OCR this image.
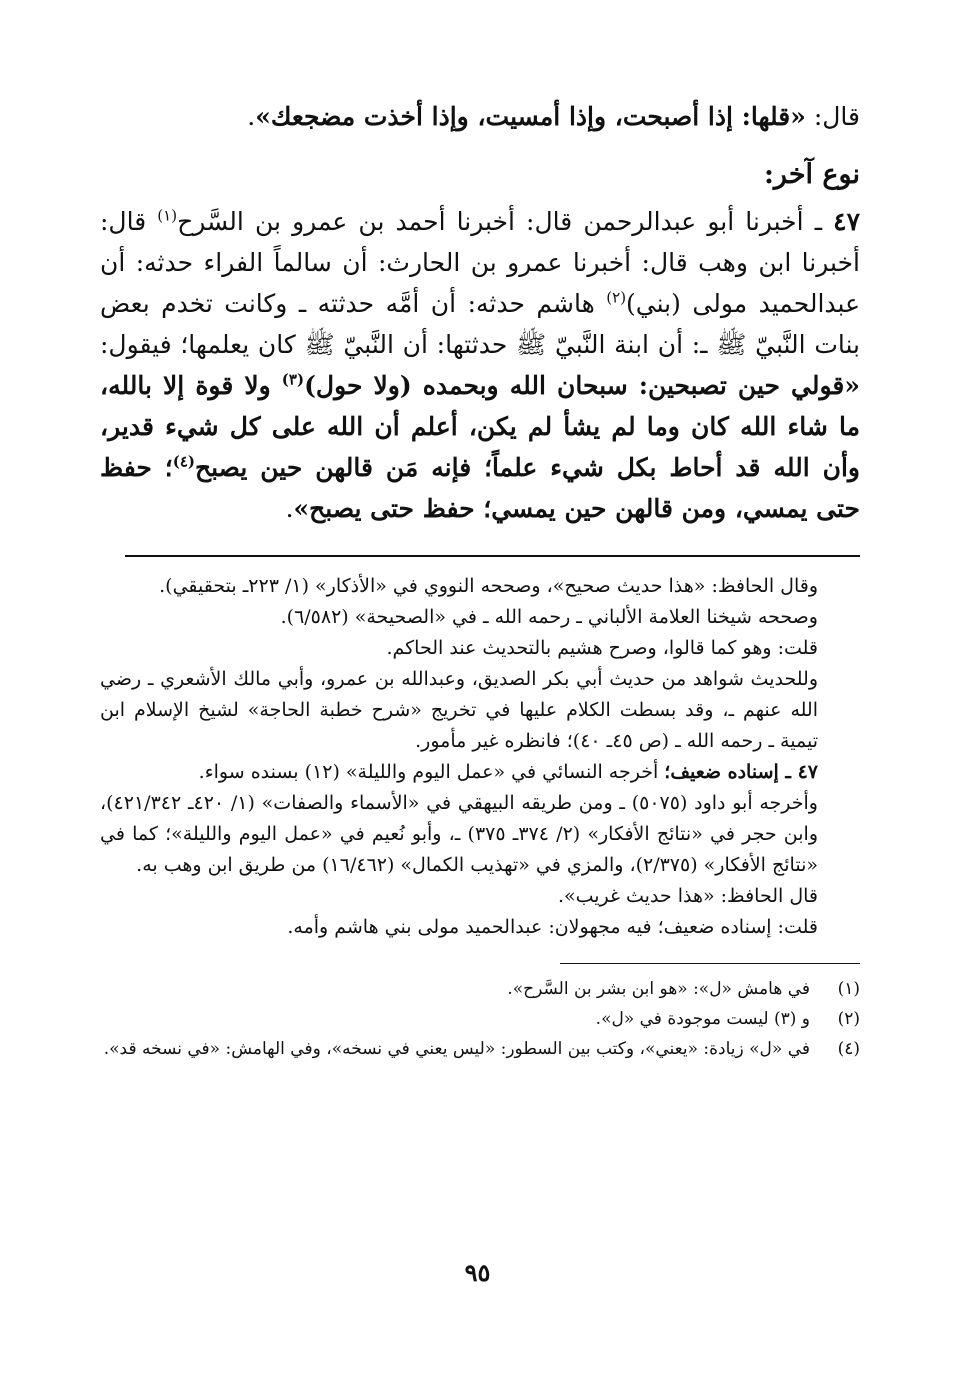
قال: «قلها: إذا أصبحت، وإذا أمسيت، وإذا أخذت مضجعك».

نوع آخر:

٤٧ ـ أخبرنا أبو عبدالرحمن قال: أخبرنا أحمد بن عمرو بن السَّرح$^{(١)}$ قال: أخبرنا ابن وهب قال: أخبرنا عمرو بن الحارث: أن سالماً الفراء حدثه: أن عبدالحميد مولى (بني)$^{(٢)}$ هاشم حدثه: أن أمَّه حدثته ـ وكانت تخدم بعض بنات النَّبيّ ﷺ ـ: أن ابنة النَّبيّ ﷺ حدثتها: أن النَّبيّ ﷺ كان يعلمها؛ فيقول: «قولي حين تصبحين: سبحان الله وبحمده (ولا حول)$^{(٣)}$ ولا قوة إلا بالله، ما شاء الله كان وما لم يشأ لم يكن، أعلم أن الله على كل شيء قدير، وأن الله قد أحاط بكل شيء علماً؛ فإنه مَن قالهن حين يصبح$^{(٤)}$؛ حفظ حتى يمسي، ومن قالهن حين يمسي؛ حفظ حتى يصبح».

وقال الحافظ: «هذا حديث صحيح»، وصححه النووي في «الأذكار» (١/ ٢٢٣ـ بتحقيقي).

وصححه شيخنا العلامة الألباني ـ رحمه الله ـ في «الصحيحة» (٦/٥٨٢).

قلت: وهو كما قالوا، وصرح هشيم بالتحديث عند الحاكم.

وللحديث شواهد من حديث أبي بكر الصديق، وعبدالله بن عمرو، وأبي مالك الأشعري ـ رضي الله عنهم ـ، وقد بسطت الكلام عليها في تخريج «شرح خطبة الحاجة» لشيخ الإسلام ابن تيمية ـ رحمه الله ـ (ص ٤٥ـ ٤٠)؛ فانظره غير مأمور.

٤٧ ـ إسناده ضعيف؛ أخرجه النسائي في «عمل اليوم والليلة» (١٢) بسنده سواء.

وأخرجه أبو داود (٥٠٧٥) ـ ومن طريقه البيهقي في «الأسماء والصفات» (١/ ٤٢٠ـ ٤٢١/٣٤٢)، وابن حجر في «نتائج الأفكار» (٢/ ٣٧٤ـ ٣٧٥) ـ، وأبو نُعيم في «عمل اليوم والليلة»؛ كما في «نتائج الأفكار» (٢/٣٧٥)، والمزي في «تهذيب الكمال» (١٦/٤٦٢) من طريق ابن وهب به.

قال الحافظ: «هذا حديث غريب».

قلت: إسناده ضعيف؛ فيه مجهولان: عبدالحميد مولى بني هاشم وأمه.

(١)
في هامش «ل»: «هو ابن بشر بن السَّرح».
(٢)
و (٣) ليست موجودة في «ل».
(٤)
في «ل» زيادة: «يعني»، وكتب بين السطور: «ليس يعني في نسخه»، وفي الهامش: «في نسخه قد».
٩٥
